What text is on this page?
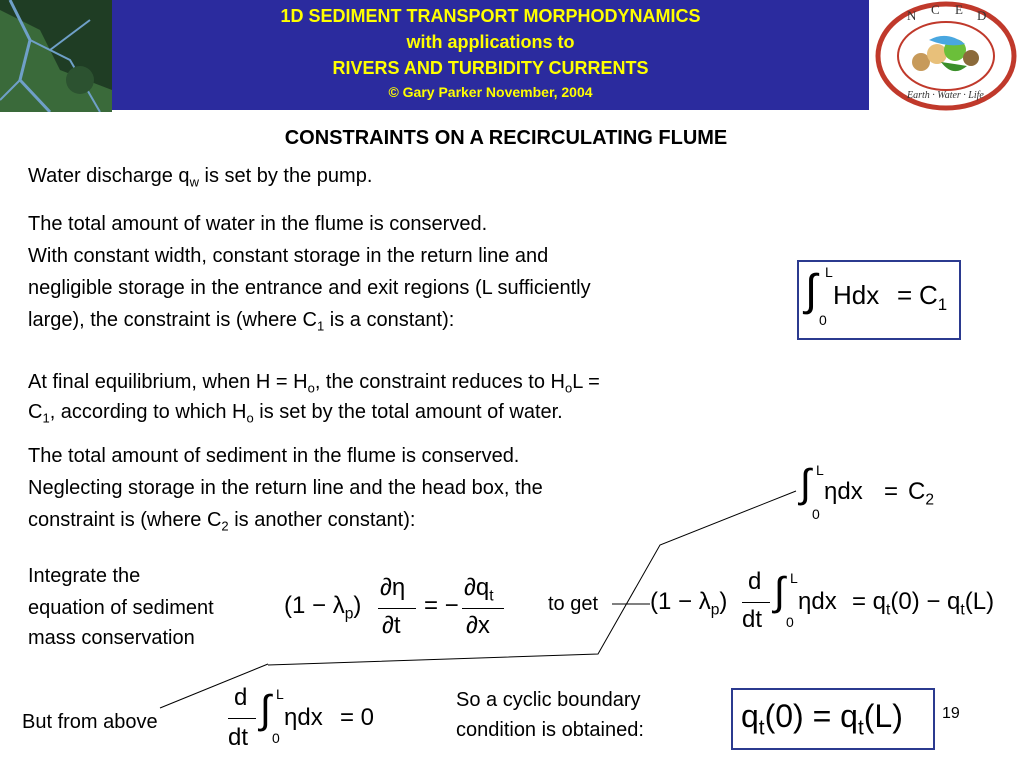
1D SEDIMENT TRANSPORT MORPHODYNAMICS
with applications to
RIVERS AND TURBIDITY CURRENTS
© Gary Parker November, 2004
N C E D
Earth · Water · Life
CONSTRAINTS ON A RECIRCULATING FLUME
Water discharge $q_w$ is set by the pump.
The total amount of water in the flume is conserved.
With constant width, constant storage in the return line and
negligible storage in the entrance and exit regions (L sufficiently
large), the constraint is (where $C_1$ is a constant):
At final equilibrium, when $H = H_o$, the constraint reduces to $H_oL$ =
$C_1$, according to which $H_o$ is set by the total amount of water.
The total amount of sediment in the flume is conserved.
Neglecting storage in the return line and the head box, the
constraint is (where $C_2$ is another constant):
Integrate the
equation of sediment
mass conservation
to get
But from above
So a cyclic boundary
condition is obtained:
19
∫ L
0
Hdx = $C_1$
∫ L
0
$\eta dx = C_2$
$(1 - \lambda_p)$
∂η
∂t
= −
$\partial q_t$
∂x
$(1 - \lambda_p)$
d
dt
∫ L
0
$\eta dx = q_t(0) - q_t(L)$
d
dt
∫ L
0
ηdx = 0	$q_t(0) = q_t(L)$
